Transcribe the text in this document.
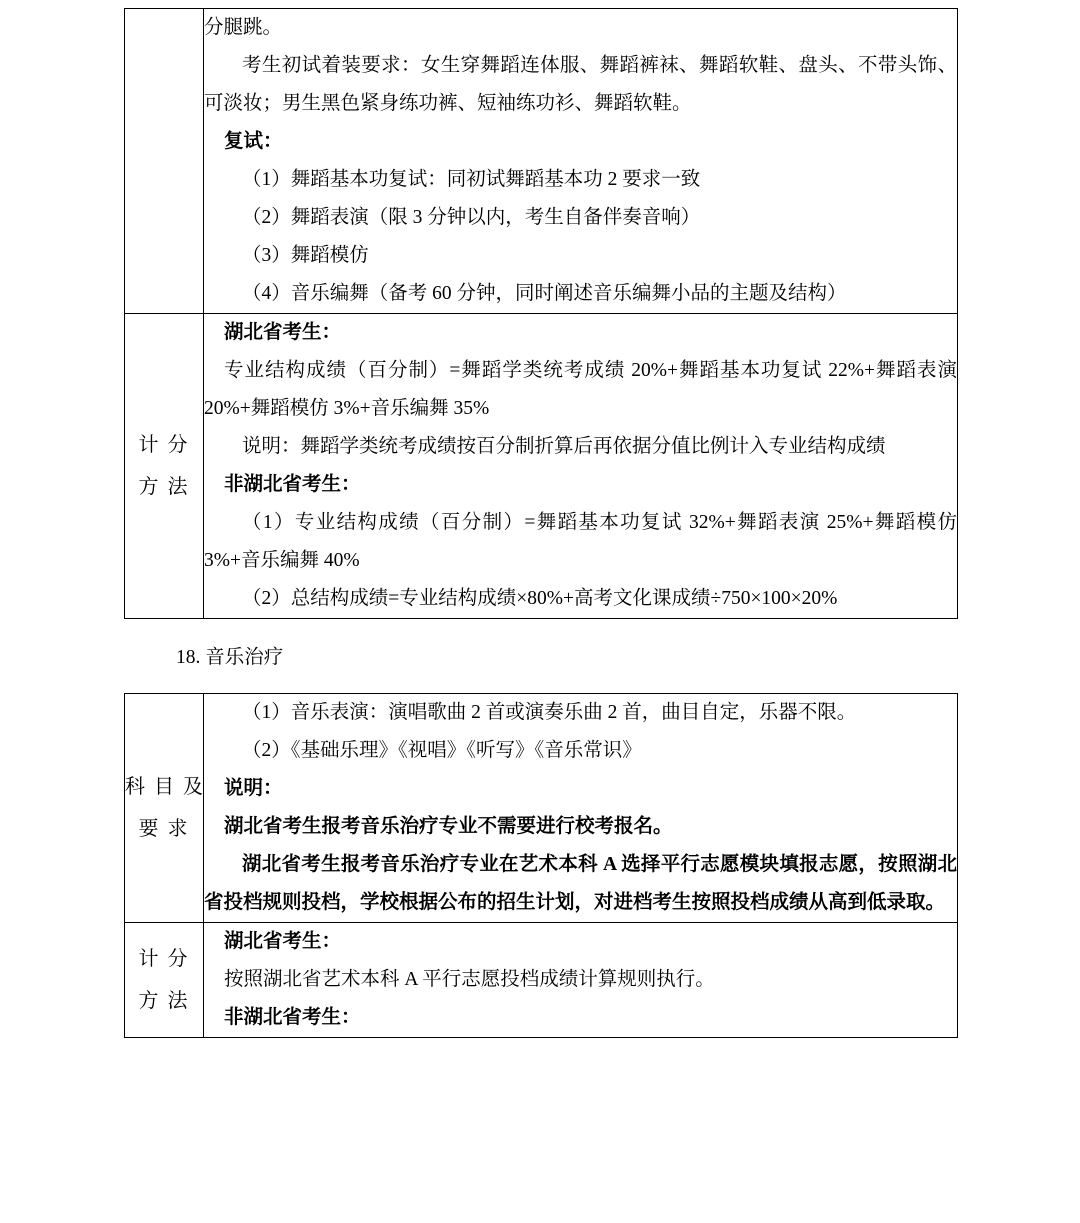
分腿跳。

考生初试着装要求：女生穿舞蹈连体服、舞蹈裤袜、舞蹈软鞋、盘头、不带头饰、可淡妆；男生黑色紧身练功裤、短袖练功衫、舞蹈软鞋。

复试：

（1）舞蹈基本功复试：同初试舞蹈基本功 2 要求一致

（2）舞蹈表演（限 3 分钟以内，考生自备伴奏音响）

（3）舞蹈模仿

（4）音乐编舞（备考 60 分钟，同时阐述音乐编舞小品的主题及结构）

计 分
方 法

湖北省考生：

专业结构成绩（百分制）=舞蹈学类统考成绩 20%+舞蹈基本功复试 22%+舞蹈表演 20%+舞蹈模仿 3%+音乐编舞 35%

说明：舞蹈学类统考成绩按百分制折算后再依据分值比例计入专业结构成绩

非湖北省考生：

（1）专业结构成绩（百分制）=舞蹈基本功复试 32%+舞蹈表演 25%+舞蹈模仿 3%+音乐编舞 40%

（2）总结构成绩=专业结构成绩×80%+高考文化课成绩÷750×100×20%

18. 音乐治疗
科 目 及
要 求

（1）音乐表演：演唱歌曲 2 首或演奏乐曲 2 首，曲目自定，乐器不限。

（2）《基础乐理》《视唱》《听写》《音乐常识》

说明：

湖北省考生报考音乐治疗专业不需要进行校考报名。

湖北省考生报考音乐治疗专业在艺术本科 A 选择平行志愿模块填报志愿，按照湖北省投档规则投档，学校根据公布的招生计划，对进档考生按照投档成绩从高到低录取。

计 分
方 法

湖北省考生：

按照湖北省艺术本科 A 平行志愿投档成绩计算规则执行。

非湖北省考生：
